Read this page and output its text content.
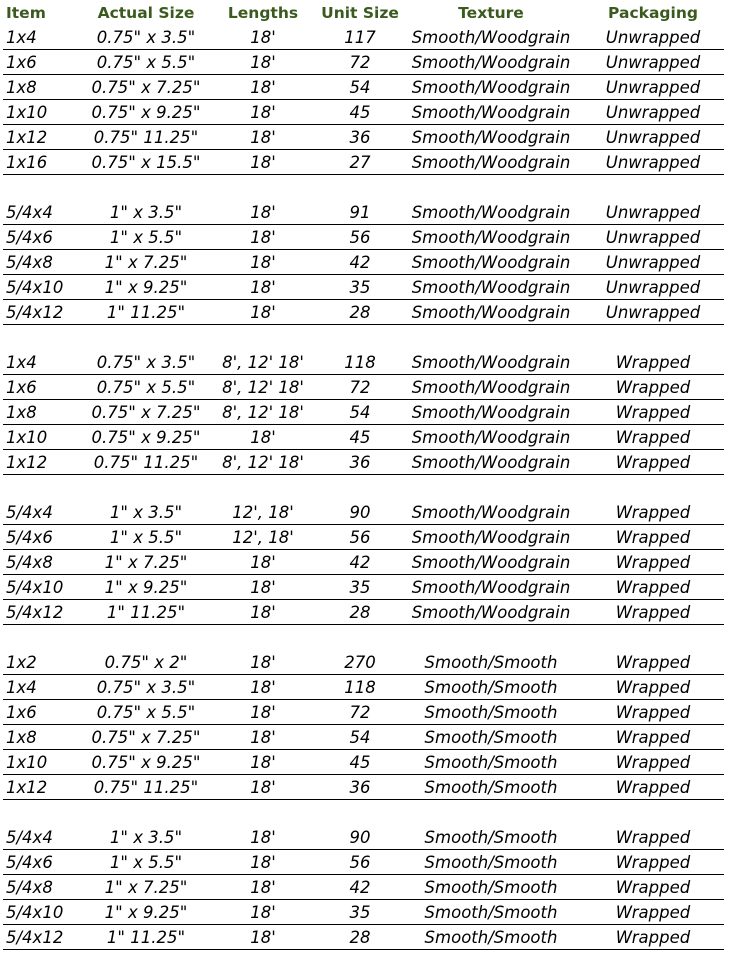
Item	Actual Size	Lengths	Unit Size	Texture	Packaging
1x4	0.75" x 3.5"	18'	117	Smooth/Woodgrain	Unwrapped
1x6	0.75" x 5.5"	18'	72	Smooth/Woodgrain	Unwrapped
1x8	0.75" x 7.25"	18'	54	Smooth/Woodgrain	Unwrapped
1x10	0.75" x 9.25"	18'	45	Smooth/Woodgrain	Unwrapped
1x12	0.75" 11.25"	18'	36	Smooth/Woodgrain	Unwrapped
1x16	0.75" x 15.5"	18'	27	Smooth/Woodgrain	Unwrapped
5/4x4	1" x 3.5"	18'	91	Smooth/Woodgrain	Unwrapped
5/4x6	1" x 5.5"	18'	56	Smooth/Woodgrain	Unwrapped
5/4x8	1" x 7.25"	18'	42	Smooth/Woodgrain	Unwrapped
5/4x10	1" x 9.25"	18'	35	Smooth/Woodgrain	Unwrapped
5/4x12	1" 11.25"	18'	28	Smooth/Woodgrain	Unwrapped
1x4	0.75" x 3.5"	8', 12' 18'	118	Smooth/Woodgrain	Wrapped
1x6	0.75" x 5.5"	8', 12' 18'	72	Smooth/Woodgrain	Wrapped
1x8	0.75" x 7.25"	8', 12' 18'	54	Smooth/Woodgrain	Wrapped
1x10	0.75" x 9.25"	18'	45	Smooth/Woodgrain	Wrapped
1x12	0.75" 11.25"	8', 12' 18'	36	Smooth/Woodgrain	Wrapped
5/4x4	1" x 3.5"	12', 18'	90	Smooth/Woodgrain	Wrapped
5/4x6	1" x 5.5"	12', 18'	56	Smooth/Woodgrain	Wrapped
5/4x8	1" x 7.25"	18'	42	Smooth/Woodgrain	Wrapped
5/4x10	1" x 9.25"	18'	35	Smooth/Woodgrain	Wrapped
5/4x12	1" 11.25"	18'	28	Smooth/Woodgrain	Wrapped
1x2	0.75" x 2"	18'	270	Smooth/Smooth	Wrapped
1x4	0.75" x 3.5"	18'	118	Smooth/Smooth	Wrapped
1x6	0.75" x 5.5"	18'	72	Smooth/Smooth	Wrapped
1x8	0.75" x 7.25"	18'	54	Smooth/Smooth	Wrapped
1x10	0.75" x 9.25"	18'	45	Smooth/Smooth	Wrapped
1x12	0.75" 11.25"	18'	36	Smooth/Smooth	Wrapped
5/4x4	1" x 3.5"	18'	90	Smooth/Smooth	Wrapped
5/4x6	1" x 5.5"	18'	56	Smooth/Smooth	Wrapped
5/4x8	1" x 7.25"	18'	42	Smooth/Smooth	Wrapped
5/4x10	1" x 9.25"	18'	35	Smooth/Smooth	Wrapped
5/4x12	1" 11.25"	18'	28	Smooth/Smooth	Wrapped
